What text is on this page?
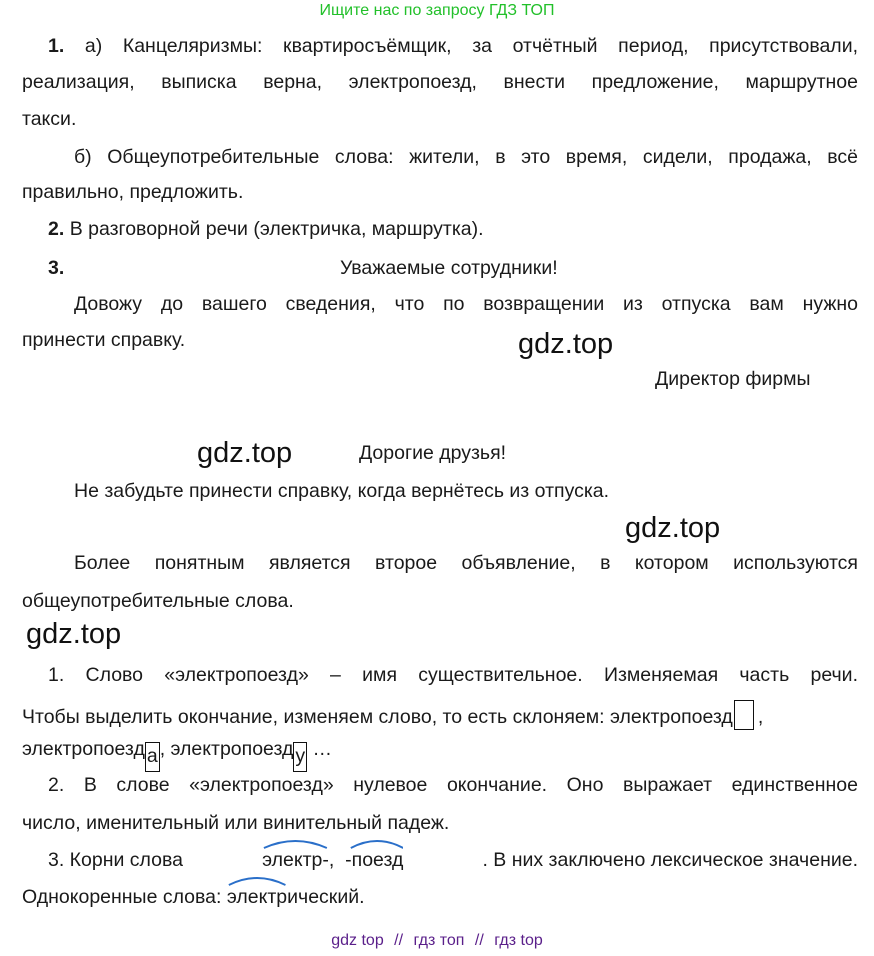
Ищите нас по запросу ГДЗ ТОП
1. а) Канцеляризмы: квартиросъёмщик, за отчётный период, присутствовали,
реализация, выписка верна, электропоезд, внести предложение, маршрутное
такси.
б) Общеупотребительные слова: жители, в это время, сидели, продажа, всё
правильно, предложить.
2. В разговорной речи (электричка, маршрутка).
3.	Уважаемые сотрудники!
Довожу до вашего сведения, что по возвращении из отпуска вам нужно
принести справку.	gdz.top
Директор фирмы
gdz.top	Дорогие друзья!
Не забудьте принести справку, когда вернётесь из отпуска.
gdz.top
Более понятным является второе объявление, в котором используются
общеупотребительные слова.
gdz.top
1. Слово «электропоезд» – имя существительное. Изменяемая часть речи.
Чтобы выделить окончание, изменяем слово, то есть склоняем: электропоезд ,
электропоезд а , электропоезд у …
2. В слове «электропоезд» нулевое окончание. Оно выражает единственное
число, именительный или винительный падеж.
3. Корни слова	электр-, -поезд	. В них заключено лексическое значение.
Однокоренные слова: электрический.
gdz top // гдз топ // гдз top
